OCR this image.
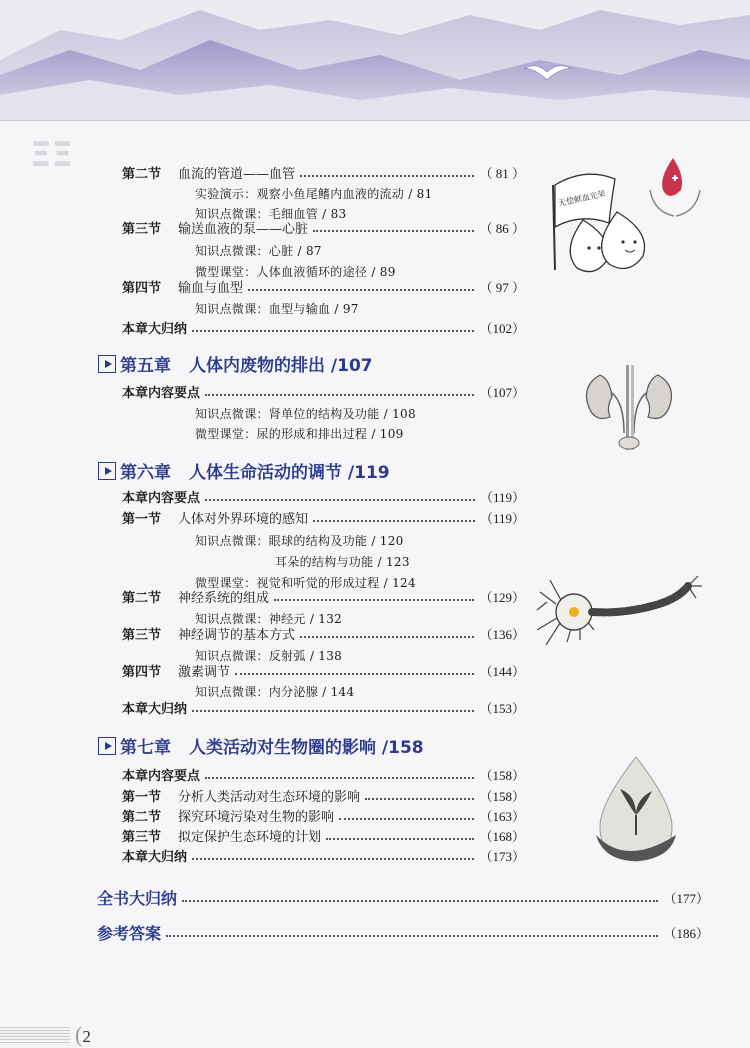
ΞΞ	第二节	血流的管道——血管	（ 81 ）
实验演示：观察小鱼尾鳍内血液的流动 / 81
知识点微课：毛细血管 / 83
第三节	输送血液的泵——心脏	（ 86 ）
知识点微课：心脏 / 87
微型课堂：人体血液循环的途径 / 89
第四节	输血与血型	（ 97 ）
知识点微课：血型与输血 / 97
本章大归纳	（102）
第五章 人体内废物的排出 /107
本章内容要点	（107）
知识点微课：肾单位的结构及功能 / 108
微型课堂：尿的形成和排出过程 / 109
第六章 人体生命活动的调节 /119
本章内容要点	（119）
第一节	人体对外界环境的感知	（119）
知识点微课：眼球的结构及功能 / 120
耳朵的结构与功能 / 123
微型课堂：视觉和听觉的形成过程 / 124
第二节	神经系统的组成	（129）
知识点微课：神经元 / 132
第三节	神经调节的基本方式	（136）
知识点微课：反射弧 / 138
第四节	激素调节	（144）
知识点微课：内分泌腺 / 144
本章大归纳	（153）
第七章 人类活动对生物圈的影响 /158
本章内容要点	（158）
第一节	分析人类活动对生态环境的影响	（158）
第二节	探究环境污染对生物的影响	（163）
第三节	拟定保护生态环境的计划	（168）
本章大归纳	（173）
全书大归纳	（177）
参考答案	（186）
无偿献血光荣
(2
